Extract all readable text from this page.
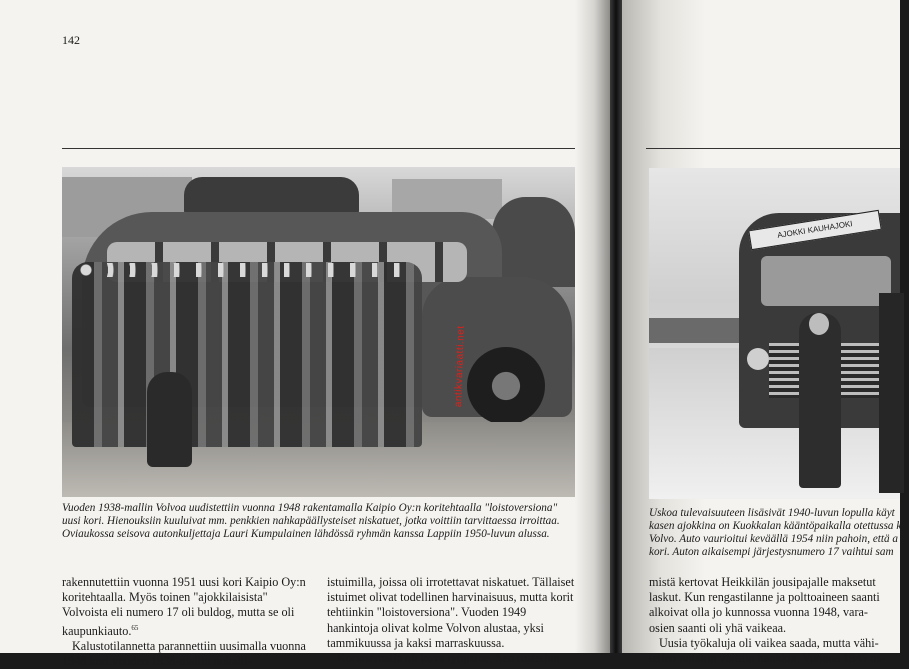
142
antikvariaatti.net
Vuoden 1938-mallin Volvoa uudistettiin vuonna 1948 rakentamalla Kaipio Oy:n koritehtaalla "loistoversiona" uusi kori. Hienouksiin kuuluivat mm. penkkien nahkapäällysteiset niskatuet, jotka voittiin tarvittaessa irroittaa. Oviaukossa seisova autonkuljettaja Lauri Kumpulainen lähdössä ryhmän kanssa Lappiin 1950-luvun alussa.

rakennutettiin vuonna 1951 uusi kori Kaipio Oy:n koritehtaalla. Myös toinen "ajokkilaisista" Volvoista eli numero 17 oli buldog, mutta se oli kaupunkiauto.$^{65}$

Kalustotilannetta parannettiin uusimalla vuonna 1948 kori vuoden 1938-mallin nokalli-

istuimilla, joissa oli irrotettavat niskatuet. Tällaiset istuimet olivat todellinen harvinaisuus, mutta korit tehtiinkin "loistoversiona". Vuoden 1949 hankintoja olivat kolme Volvon alustaa, yksi tammikuussa ja kaksi marraskuussa.

Koriasemalla oli kova työpaine. Sen rosteilun

AJOKKI KAUHAJOKI
Uskoa tulevaisuuteen lisäsivät 1940-luvun lopulla käyt
kasen ajokkina on Kuokkalan kääntöpaikalla otettussa k
Volvo. Auto vaurioitui keväällä 1954 niin pahoin, että a
kori. Auton aikaisempi järjestysnumero 17 vaihtui sam
mistä kertovat Heikkilän jousipajalle maksetut
laskut. Kun rengastilanne ja polttoaineen saanti
alkoivat olla jo kunnossa vuonna 1948, vara-
osien saanti oli yhä vaikeaa.
Uusia työkaluja oli vaikea saada, mutta vähi-
tellen niitäkin voittiin hankkia. Vuonna 1945 os-
